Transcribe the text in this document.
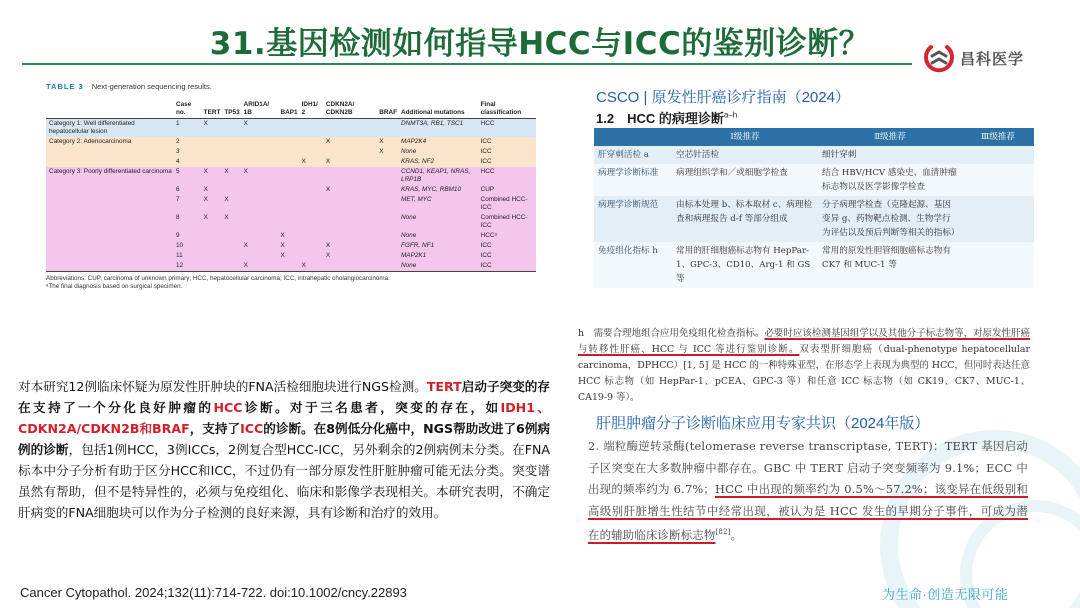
31.基因检测如何指导HCC与ICC的鉴别诊断？	昌科医学
TABLE 3 Next-generation sequencing results.
	Case no.	TERT	TP53	ARID1A/ 1B	BAP1	IDH1/ 2	CDKN2A/ CDKN2B	BRAF	Additional mutations	Final classification
Category 1: Well differentiated hepatocellular lesion	1	X		X					DNMT3A, RB1, TSC1	HCC
Category 2: Adenocarcinoma	2						X	X	MAP2K4	ICC
	3							X	None	ICC
	4					X	X		KRAS, NF2	ICC
Category 3: Poorly differentiated carcinoma	5	X	X	X					CCND1, KEAP1, NRAS, LRP1B	HCC
	6	X					X		KRAS, MYC, RBM10	CUP
	7	X	X						MET, MYC	Combined HCC-ICC
	8	X	X						None	Combined HCC-ICC
	9				X				None	HCCᵃ
	10			X	X		X		FGFR, NF1	ICC
	11				X		X		MAP2K1	ICC
	12			X		X			None	ICC
Abbreviations: CUP, carcinoma of unknown primary; HCC, hepatocellular carcinoma; ICC, intrahepatic cholangiocarcinoma.
ᵃThe final diagnosis based on surgical specimen.
对本研究12例临床怀疑为原发性肝肿块的FNA活检细胞块进行NGS检测。TERT启动子突变的存在支持了一个分化良好肿瘤的HCC诊断。对于三名患者，突变的存在，如IDH1、CDKN2A/CDKN2B和BRAF，支持了ICC的诊断。在8例低分化癌中，NGS帮助改进了6例病例的诊断，包括1例HCC，3例ICCs，2例复合型HCC-ICC，另外剩余的2例病例未分类。在FNA标本中分子分析有助于区分HCC和ICC，不过仍有一部分原发性肝脏肿瘤可能无法分类。突变谱虽然有帮助，但不是特异性的，必须与免疫组化、临床和影像学表现相关。本研究表明，不确定肝病变的FNA细胞块可以作为分子检测的良好来源，具有诊断和治疗的效用。
Cancer Cytopathol. 2024;132(11):714-722. doi:10.1002/cncy.22893	为生命·创造无限可能
CSCO | 原发性肝癌诊疗指南（2024）
1.2　HCC 的病理诊断$^{a-h}$
	Ⅰ级推荐	Ⅱ级推荐	Ⅲ级推荐
肝穿刺活检 a	空芯针活检	细针穿刺	
病理学诊断标准	病理组织学和／或细胞学检查	结合 HBV/HCV 感染史、血清肿瘤标志物以及医学影像学检查	
病理学诊断规范	由标本处理 b、标本取材 c、病理检查和病理报告 d-f 等部分组成	分子病理学检查（克隆起源、基因变异 g、药物靶点检测、生物学行为评估以及预后判断等相关的指标）	
免疫组化指标 h	常用的肝细胞癌标志物有 HepPar-1、GPC-3、CD10、Arg-1 和 GS 等	常用的原发性胆管细胞癌标志物有 CK7 和 MUC-1 等	
h　需要合理地组合应用免疫组化检查指标。必要时应该检测基因组学以及其他分子标志物等，对原发性肝癌与转移性肝癌、HCC 与 ICC 等进行鉴别诊断。双表型肝细胞癌（dual-phenotype hepatocellular carcinoma，DPHCC）[1, 5] 是 HCC 的一种特殊亚型，在形态学上表现为典型的 HCC，但同时表达任意 HCC 标志物（如 HepPar-1、pCEA、GPC-3 等）和任意 ICC 标志物（如 CK19、CK7、MUC-1、CA19-9 等）。
肝胆肿瘤分子诊断临床应用专家共识（2024年版）
2. 端粒酶逆转录酶(telomerase reverse transcriptase, TERT)：TERT 基因启动子区突变在大多数肿瘤中都存在。GBC 中 TERT 启动子突变频率为 9.1%；ECC 中出现的频率约为 6.7%；HCC 中出现的频率约为 0.5%～57.2%；该变异在低级别和高级别肝脏增生性结节中经常出现，被认为是 HCC 发生的早期分子事件，可成为潜在的辅助临床诊断标志物[82]。
